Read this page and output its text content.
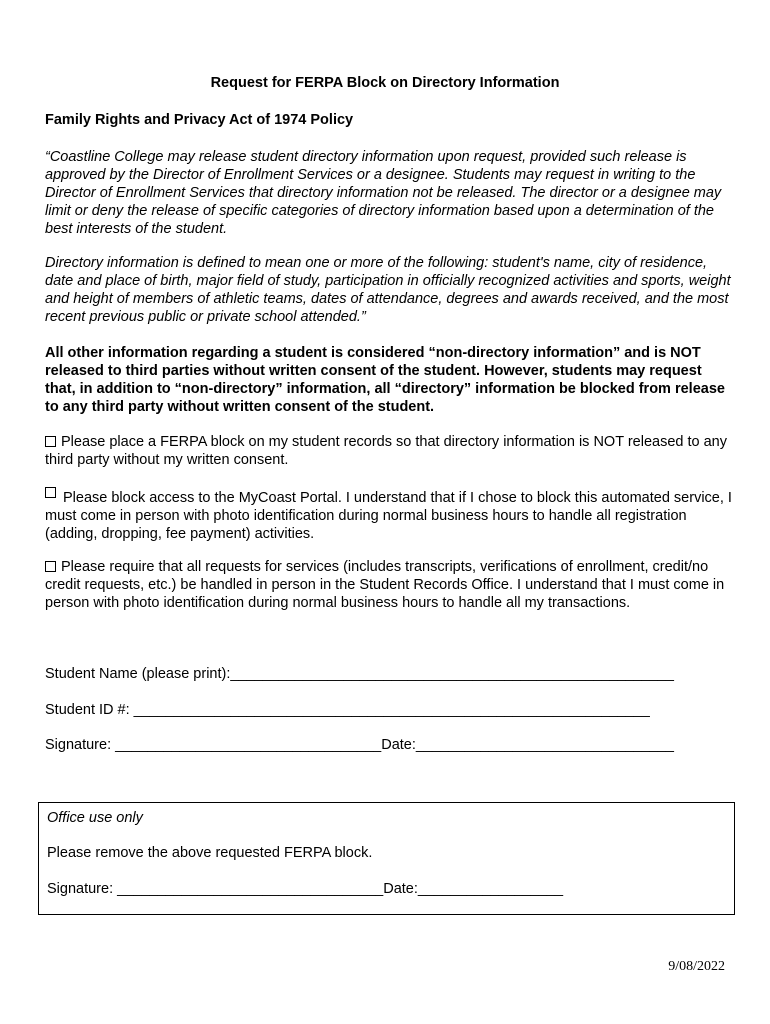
Request for FERPA Block on Directory Information
Family Rights and Privacy Act of 1974 Policy
“Coastline College may release student directory information upon request, provided such release is approved by the Director of Enrollment Services or a designee. Students may request in writing to the Director of Enrollment Services that directory information not be released. The director or a designee may limit or deny the release of specific categories of directory information based upon a determination of the best interests of the student.
Directory information is defined to mean one or more of the following: student's name, city of residence, date and place of birth, major field of study, participation in officially recognized activities and sports, weight and height of members of athletic teams, dates of attendance, degrees and awards received, and the most recent previous public or private school attended.”
All other information regarding a student is considered “non-directory information” and is NOT released to third parties without written consent of the student. However, students may request that, in addition to “non-directory” information, all “directory” information be blocked from release to any third party without written consent of the student.
Please place a FERPA block on my student records so that directory information is NOT released to any third party without my written consent.
Please block access to the MyCoast Portal. I understand that if I chose to block this automated service, I must come in person with photo identification during normal business hours to handle all registration (adding, dropping, fee payment) activities.
Please require that all requests for services (includes transcripts, verifications of enrollment, credit/no credit requests, etc.) be handled in person in the Student Records Office. I understand that I must come in person with photo identification during normal business hours to handle all my transactions.
Student Name (please print):_______________________________________________________
Student ID #: ________________________________________________________________
Signature: _________________________________Date:________________________________
Office use only
Please remove the above requested FERPA block.
Signature: _________________________________Date:__________________
9/08/2022
